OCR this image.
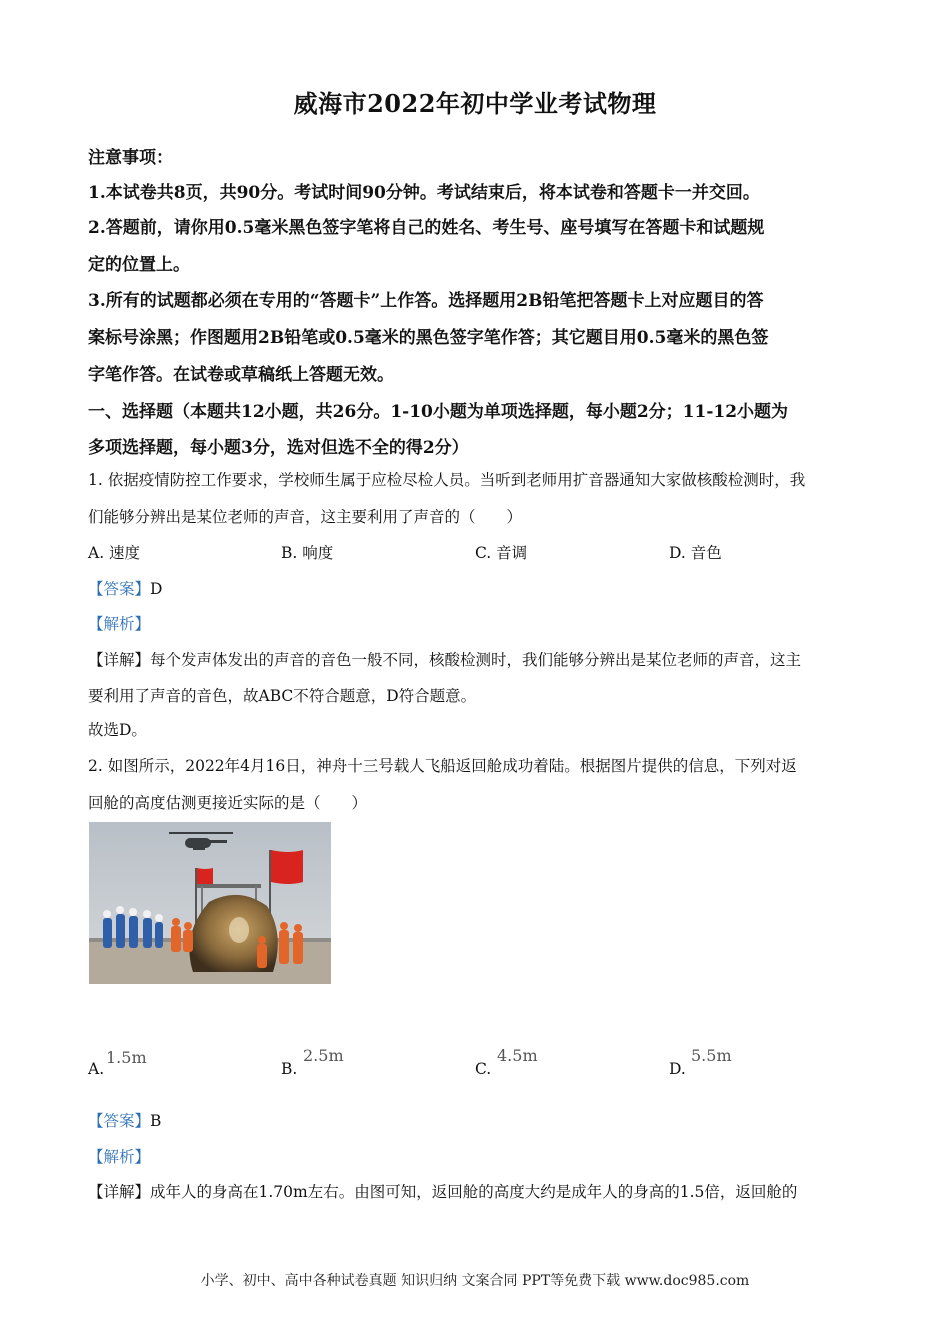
威海市2022年初中学业考试物理
注意事项：
1.本试卷共8页，共90分。考试时间90分钟。考试结束后，将本试卷和答题卡一并交回。
2.答题前，请你用0.5毫米黑色签字笔将自己的姓名、考生号、座号填写在答题卡和试题规
定的位置上。
3.所有的试题都必须在专用的“答题卡”上作答。选择题用2B铅笔把答题卡上对应题目的答
案标号涂黑；作图题用2B铅笔或0.5毫米的黑色签字笔作答；其它题目用0.5毫米的黑色签
字笔作答。在试卷或草稿纸上答题无效。
一、选择题（本题共12小题，共26分。1-10小题为单项选择题，每小题2分；11-12小题为
多项选择题，每小题3分，选对但选不全的得2分）
1. 依据疫情防控工作要求，学校师生属于应检尽检人员。当听到老师用扩音器通知大家做核酸检测时，我
们能够分辨出是某位老师的声音，这主要利用了声音的（　　）
A. 速度	B. 响度	C. 音调	D. 音色
【答案】D
【解析】
【详解】每个发声体发出的声音的音色一般不同，核酸检测时，我们能够分辨出是某位老师的声音，这主
要利用了声音的音色，故ABC不符合题意，D符合题意。
故选D。
2. 如图所示，2022年4月16日，神舟十三号载人飞船返回舱成功着陆。根据图片提供的信息，下列对返
回舱的高度估测更接近实际的是（　　）
A.
1.5m
B.
2.5m
C.
4.5m
D.
5.5m
【答案】B
【解析】
【详解】成年人的身高在1.70m左右。由图可知，返回舱的高度大约是成年人的身高的1.5倍，返回舱的
小学、初中、高中各种试卷真题 知识归纳 文案合同 PPT等免费下载 www.doc985.com
